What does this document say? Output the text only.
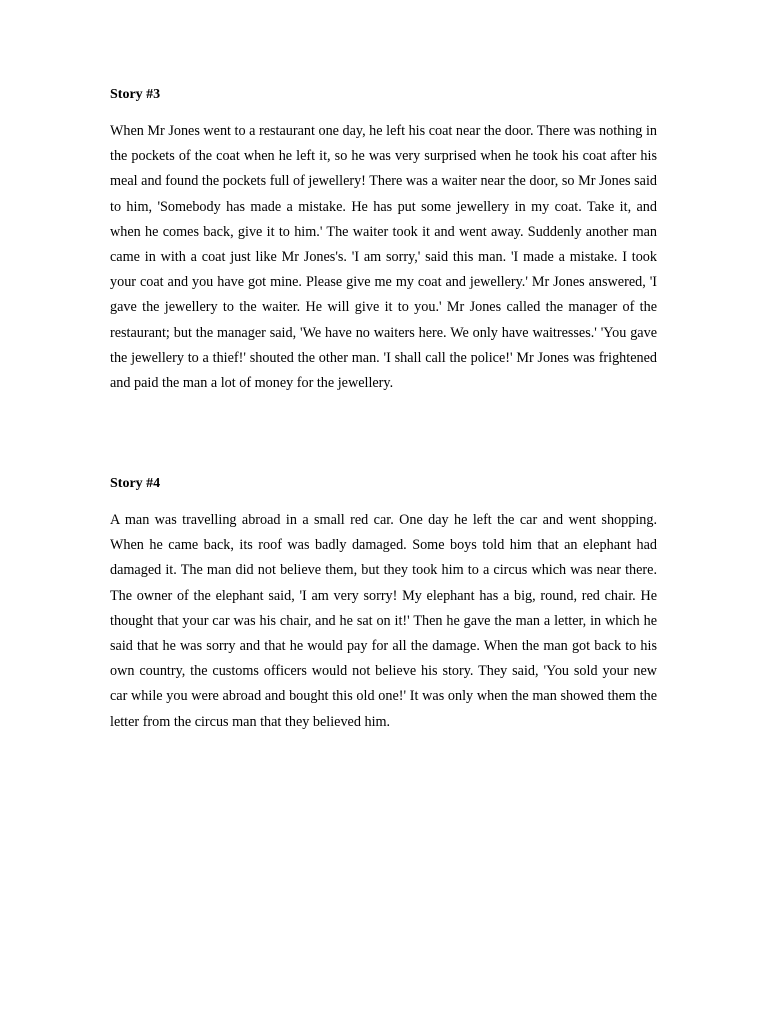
Story #3

When Mr Jones went to a restaurant one day, he left his coat near the door. There was nothing in the pockets of the coat when he left it, so he was very surprised when he took his coat after his meal and found the pockets full of jewellery! There was a waiter near the door, so Mr Jones said to him, 'Somebody has made a mistake. He has put some jewellery in my coat. Take it, and when he comes back, give it to him.' The waiter took it and went away. Suddenly another man came in with a coat just like Mr Jones's. 'I am sorry,' said this man. 'I made a mistake. I took your coat and you have got mine. Please give me my coat and jewellery.' Mr Jones answered, 'I gave the jewellery to the waiter. He will give it to you.' Mr Jones called the manager of the restaurant; but the manager said, 'We have no waiters here. We only have waitresses.' 'You gave the jewellery to a thief!' shouted the other man. 'I shall call the police!' Mr Jones was frightened and paid the man a lot of money for the jewellery.

Story #4

A man was travelling abroad in a small red car. One day he left the car and went shopping. When he came back, its roof was badly damaged. Some boys told him that an elephant had damaged it. The man did not believe them, but they took him to a circus which was near there. The owner of the elephant said, 'I am very sorry! My elephant has a big, round, red chair. He thought that your car was his chair, and he sat on it!' Then he gave the man a letter, in which he said that he was sorry and that he would pay for all the damage. When the man got back to his own country, the customs officers would not believe his story. They said, 'You sold your new car while you were abroad and bought this old one!' It was only when the man showed them the letter from the circus man that they believed him.
